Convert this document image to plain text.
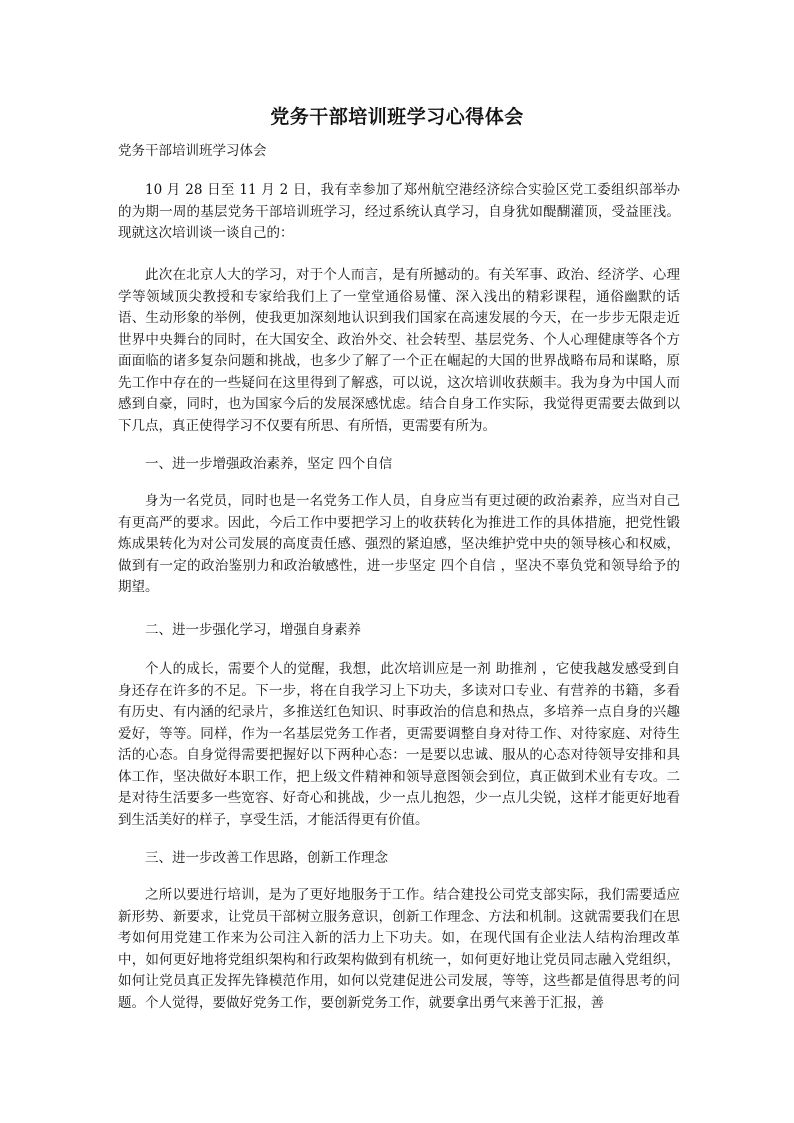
党务干部培训班学习心得体会

党务干部培训班学习体会

10 月 28 日至 11 月 2 日，我有幸参加了郑州航空港经济综合实验区党工委组织部举办的为期一周的基层党务干部培训班学习，经过系统认真学习，自身犹如醍醐灌顶，受益匪浅。现就这次培训谈一谈自己的：

此次在北京人大的学习，对于个人而言，是有所撼动的。有关军事、政治、经济学、心理学等领域顶尖教授和专家给我们上了一堂堂通俗易懂、深入浅出的精彩课程，通俗幽默的话语、生动形象的举例，使我更加深刻地认识到我们国家在高速发展的今天，在一步步无限走近世界中央舞台的同时，在大国安全、政治外交、社会转型、基层党务、个人心理健康等各个方面面临的诸多复杂问题和挑战，也多少了解了一个正在崛起的大国的世界战略布局和谋略，原先工作中存在的一些疑问在这里得到了解惑，可以说，这次培训收获颇丰。我为身为中国人而感到自豪，同时，也为国家今后的发展深感忧虑。结合自身工作实际，我觉得更需要去做到以下几点，真正使得学习不仅要有所思、有所悟，更需要有所为。

一、进一步增强政治素养，坚定 四个自信

身为一名党员，同时也是一名党务工作人员，自身应当有更过硬的政治素养，应当对自己有更高严的要求。因此，今后工作中要把学习上的收获转化为推进工作的具体措施，把党性锻炼成果转化为对公司发展的高度责任感、强烈的紧迫感，坚决维护党中央的领导核心和权威，做到有一定的政治鉴别力和政治敏感性，进一步坚定 四个自信 ，坚决不辜负党和领导给予的期望。

二、进一步强化学习，增强自身素养

个人的成长，需要个人的觉醒，我想，此次培训应是一剂 助推剂 ，它使我越发感受到自身还存在许多的不足。下一步，将在自我学习上下功夫，多读对口专业、有营养的书籍，多看有历史、有内涵的纪录片，多推送红色知识、时事政治的信息和热点，多培养一点自身的兴趣爱好，等等。同样，作为一名基层党务工作者，更需要调整自身对待工作、对待家庭、对待生活的心态。自身觉得需要把握好以下两种心态：一是要以忠诚、服从的心态对待领导安排和具体工作，坚决做好本职工作，把上级文件精神和领导意图领会到位，真正做到术业有专攻。二是对待生活要多一些宽容、好奇心和挑战，少一点儿抱怨，少一点儿尖锐，这样才能更好地看到生活美好的样子，享受生活，才能活得更有价值。

三、进一步改善工作思路，创新工作理念

之所以要进行培训，是为了更好地服务于工作。结合建投公司党支部实际，我们需要适应新形势、新要求，让党员干部树立服务意识，创新工作理念、方法和机制。这就需要我们在思考如何用党建工作来为公司注入新的活力上下功夫。如，在现代国有企业法人结构治理改革中，如何更好地将党组织架构和行政架构做到有机统一，如何更好地让党员同志融入党组织，如何让党员真正发挥先锋模范作用，如何以党建促进公司发展，等等，这些都是值得思考的问题。个人觉得，要做好党务工作，要创新党务工作，就要拿出勇气来善于汇报，善
